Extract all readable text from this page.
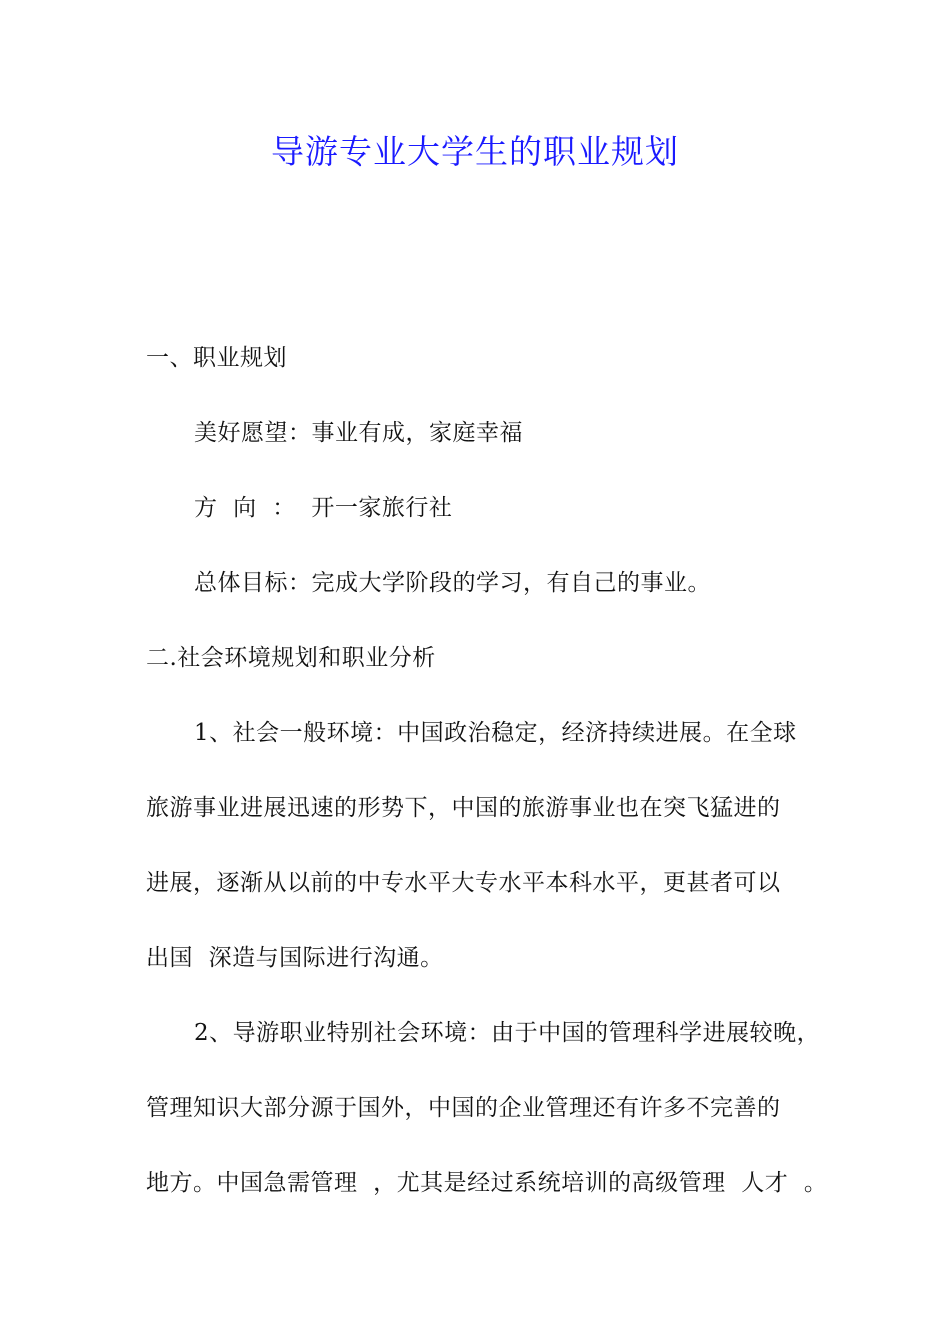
导游专业大学生的职业规划
一、职业规划
美好愿望：事业有成，家庭幸福
方  向  ：  开一家旅行社
总体目标：完成大学阶段的学习，有自己的事业。
二.社会环境规划和职业分析
1、社会一般环境：中国政治稳定，经济持续进展。在全球
旅游事业进展迅速的形势下，中国的旅游事业也在突飞猛进的
进展，逐渐从以前的中专水平大专水平本科水平，更甚者可以
出国  深造与国际进行沟通。
2、导游职业特别社会环境：由于中国的管理科学进展较晚，
管理知识大部分源于国外，中国的企业管理还有许多不完善的
地方。中国急需管理  ，尤其是经过系统培训的高级管理  人才  。
